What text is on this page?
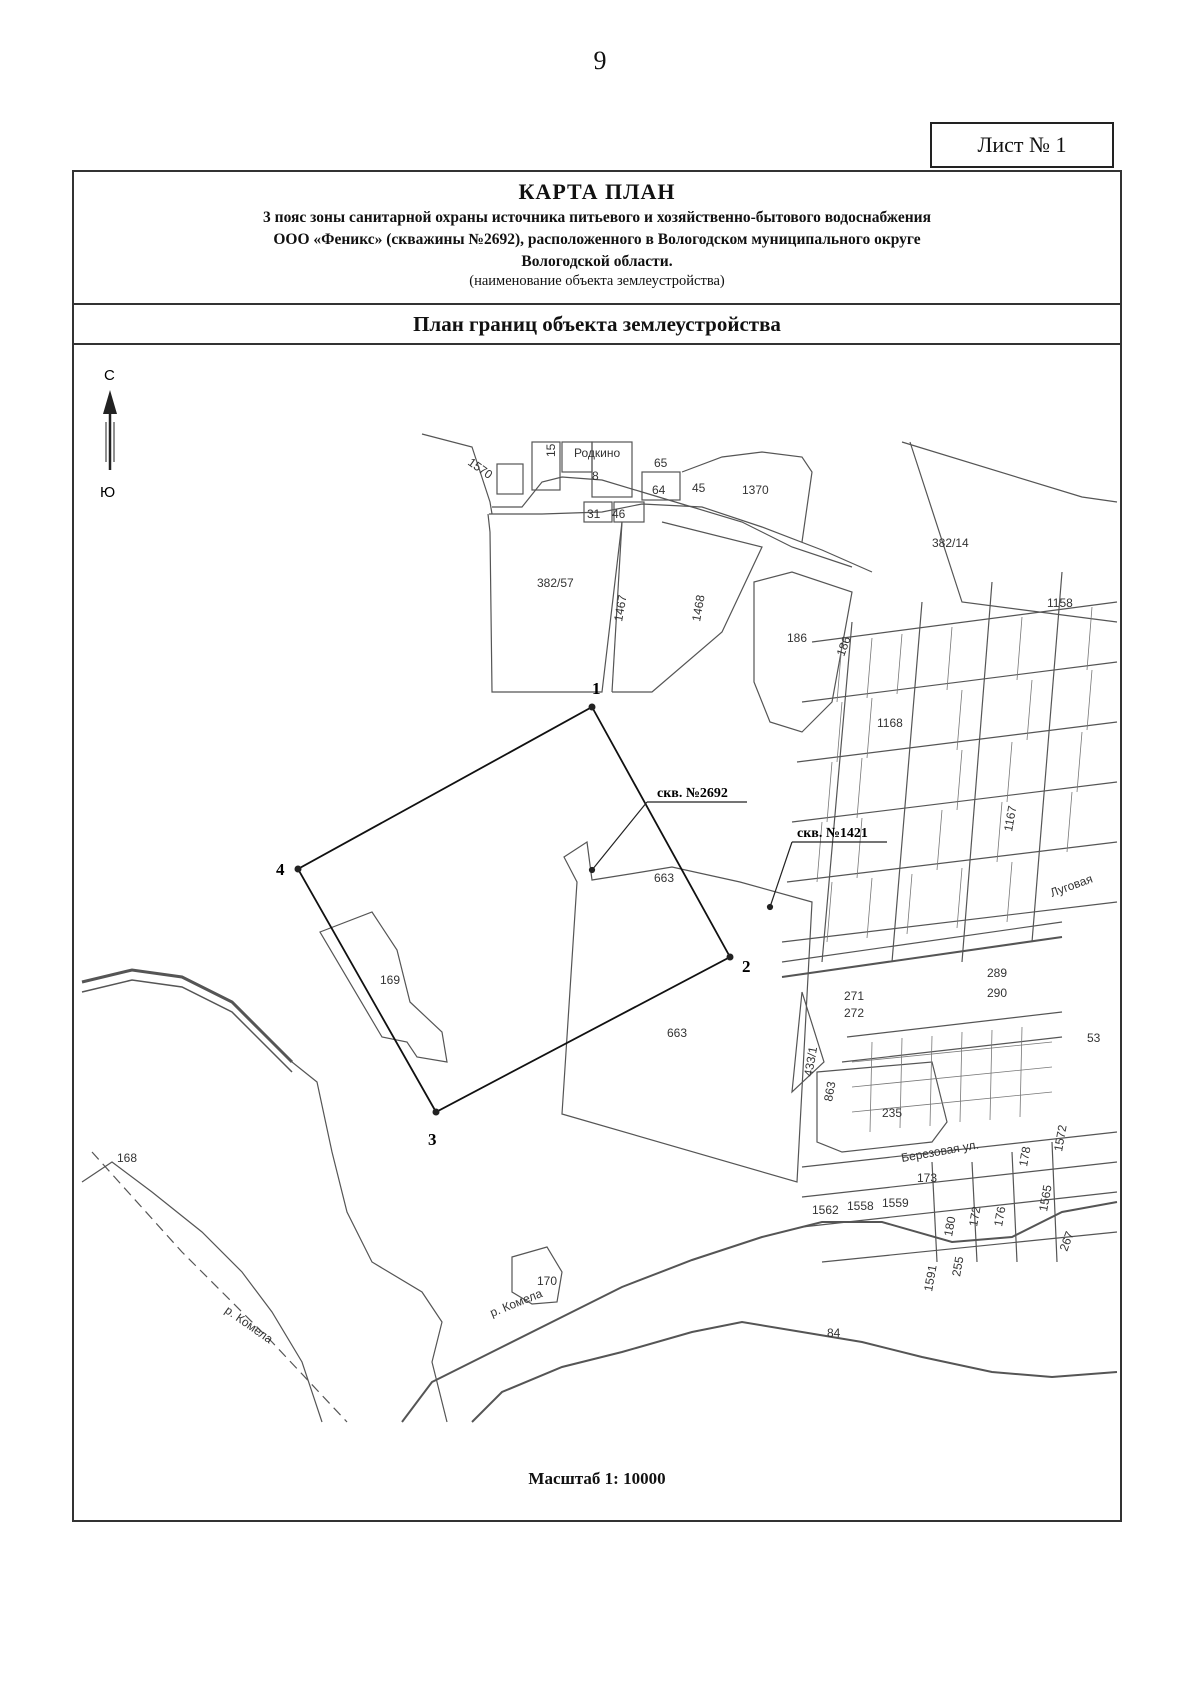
9
Лист № 1
КАРТА ПЛАН
3 пояс зоны санитарной охраны источника питьевого и хозяйственно-бытового водоснабжения
ООО «Феникс» (скважины №2692), расположенного в Вологодском муниципального округе
Вологодской области.
(наименование объекта землеустройства)
План границ объекта землеустройства
С
Ю
1
2
3
4
скв. №2692
скв. №1421
1570
15 Родкино
65
8
64 45	1370
31 46
382/14
382/57
1467	1468
186 186
1158
1168
1167
663
663
169	289
290
271
272
433/1
863
53
235
Луговая
Березовая ул.
1562 1558 1559
173
178
1572
1565
176
172
180
267
255
1591
170
р. Комела
84
168
р. Комела
Масштаб 1: 10000
